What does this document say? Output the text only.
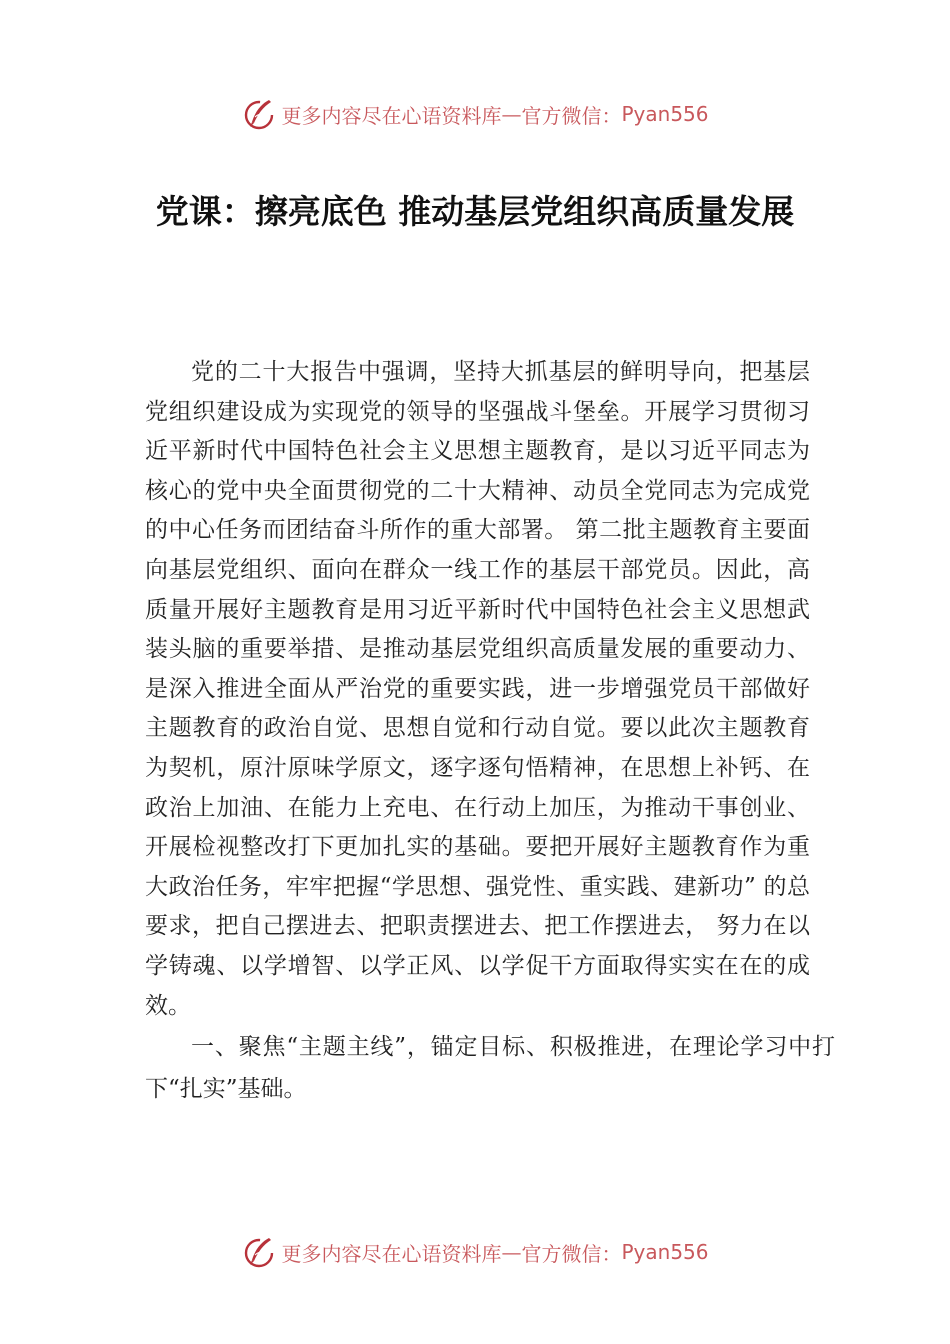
更多内容尽在心语资料库 — 官方微信： Pyan556
党课：擦亮底色 推动基层党组织高质量发展

党的二十大报告中强调，坚持大抓基层的鲜明导向，把基层党组织建设成为实现党的领导的坚强战斗堡垒。开展学习贯彻习近平新时代中国特色社会主义思想主题教育，是以习近平同志为核心的党中央全面贯彻党的二十大精神、动员全党同志为完成党的中心任务而团结奋斗所作的重大部署。 第二批主题教育主要面向基层党组织、面向在群众一线工作的基层干部党员。因此，高质量开展好主题教育是用习近平新时代中国特色社会主义思想武装头脑的重要举措、是推动基层党组织高质量发展的重要动力、是深入推进全面从严治党的重要实践，进一步增强党员干部做好主题教育的政治自觉、思想自觉和行动自觉。要以此次主题教育为契机，原汁原味学原文，逐字逐句悟精神，在思想上补钙、在政治上加油、在能力上充电、在行动上加压，为推动干事创业、开展检视整改打下更加扎实的基础。要把开展好主题教育作为重大政治任务，牢牢把握“学思想、强党性、重实践、建新功” 的总要求，把自己摆进去、把职责摆进去、把工作摆进去， 努力在以学铸魂、以学增智、以学正风、以学促干方面取得实实在在的成效。

一、聚焦“主题主线”，锚定目标、积极推进，在理论学习中打下“扎实”基础。

更多内容尽在心语资料库 — 官方微信： Pyan556
